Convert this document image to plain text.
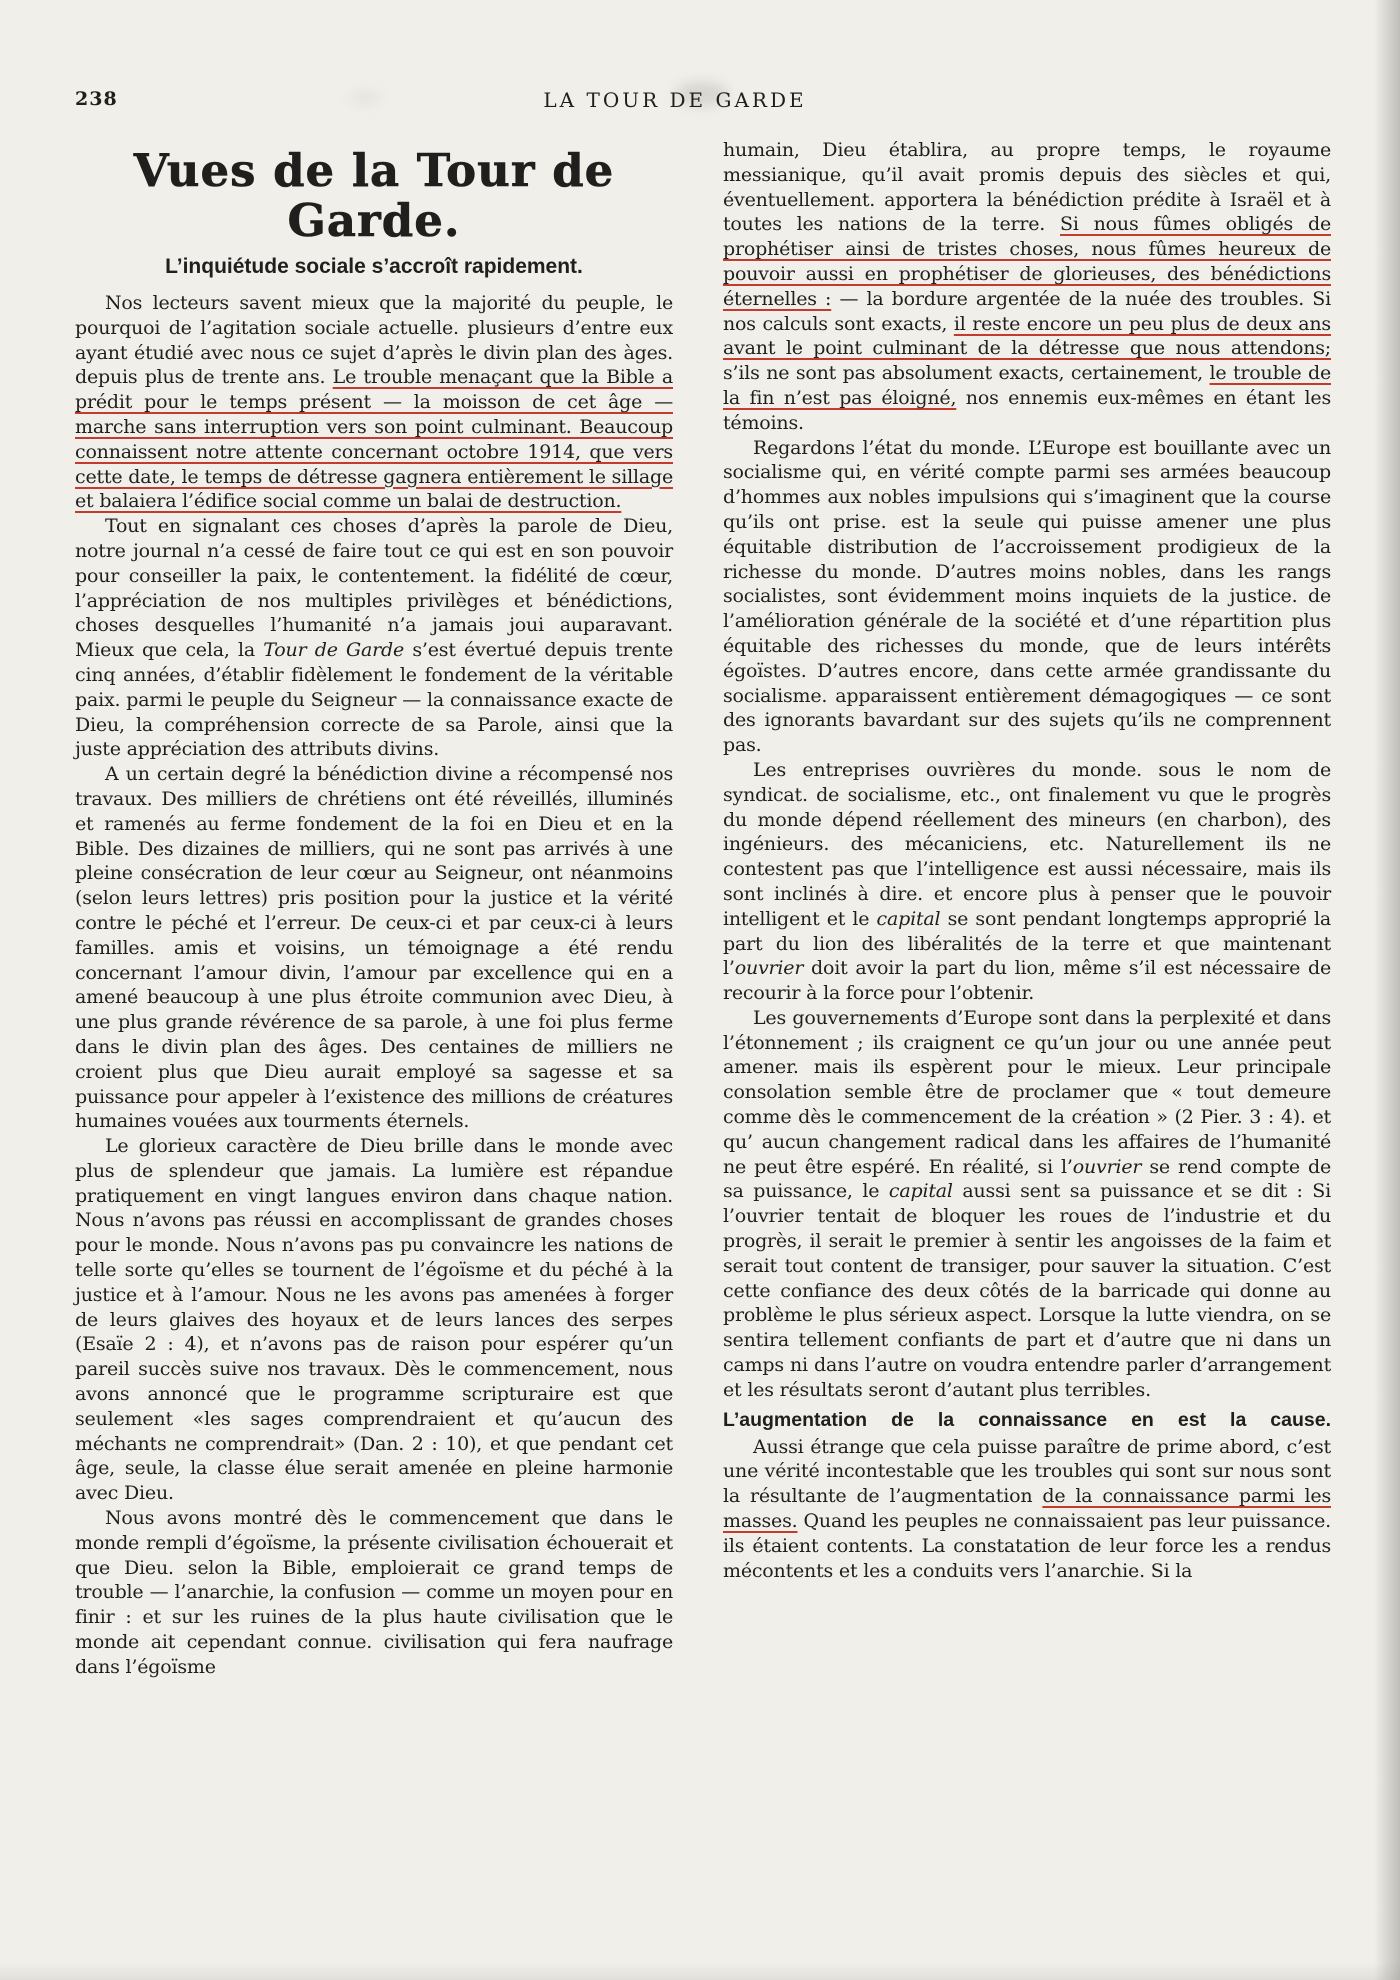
238	LA TOUR DE GARDE
Vues de la Tour de Garde.
L’inquiétude sociale s’accroît rapidement.

Nos lecteurs savent mieux que la majorité du peuple, le pourquoi de l’agitation sociale actuelle. plusieurs d’entre eux ayant étudié avec nous ce sujet d’après le divin plan des àges. depuis plus de trente ans. Le trouble menaçant que la Bible a prédit pour le temps présent — la moisson de cet âge — marche sans interruption vers son point culminant. Beaucoup connaissent notre attente concernant octobre 1914, que vers cette date, le temps de détresse gagnera entièrement le sillage et balaiera l’édifice social comme un balai de destruction.

Tout en signalant ces choses d’après la parole de Dieu, notre journal n’a cessé de faire tout ce qui est en son pouvoir pour conseiller la paix, le contentement. la fidélité de cœur, l’appréciation de nos multiples privilèges et bénédictions, choses desquelles l’humanité n’a jamais joui auparavant. Mieux que cela, la Tour de Garde s’est évertué depuis trente cinq années, d’établir fidèlement le fondement de la véritable paix. parmi le peuple du Seigneur — la connaissance exacte de Dieu, la compréhension correcte de sa Parole, ainsi que la juste appréciation des attributs divins.

A un certain degré la bénédiction divine a récompensé nos travaux. Des milliers de chrétiens ont été réveillés, illuminés et ramenés au ferme fondement de la foi en Dieu et en la Bible. Des dizaines de milliers, qui ne sont pas arrivés à une pleine consécration de leur cœur au Seigneur, ont néanmoins (selon leurs lettres) pris position pour la justice et la vérité contre le péché et l’erreur. De ceux-ci et par ceux-ci à leurs familles. amis et voisins, un témoignage a été rendu concernant l’amour divin, l’amour par excellence qui en a amené beaucoup à une plus étroite communion avec Dieu, à une plus grande révérence de sa parole, à une foi plus ferme dans le divin plan des âges. Des centaines de milliers ne croient plus que Dieu aurait employé sa sagesse et sa puissance pour appeler à l’existence des millions de créatures humaines vouées aux tourments éternels.

Le glorieux caractère de Dieu brille dans le monde avec plus de splendeur que jamais. La lumière est répandue pratiquement en vingt langues environ dans chaque nation. Nous n’avons pas réussi en accomplissant de grandes choses pour le monde. Nous n’avons pas pu convaincre les nations de telle sorte qu’elles se tournent de l’égoïsme et du péché à la justice et à l’amour. Nous ne les avons pas amenées à forger de leurs glaives des hoyaux et de leurs lances des serpes (Esaïe 2 : 4), et n’avons pas de raison pour espérer qu’un pareil succès suive nos travaux. Dès le commencement, nous avons annoncé que le programme scripturaire est que seulement «les sages comprendraient et qu’aucun des méchants ne comprendrait» (Dan. 2 : 10), et que pendant cet âge, seule, la classe élue serait amenée en pleine harmonie avec Dieu.

Nous avons montré dès le commencement que dans le monde rempli d’égoïsme, la présente civilisation échouerait et que Dieu. selon la Bible, emploierait ce grand temps de trouble — l’anarchie, la confusion — comme un moyen pour en finir : et sur les ruines de la plus haute civilisation que le monde ait cependant connue. civilisation qui fera naufrage dans l’égoïsme

humain, Dieu établira, au propre temps, le royaume messianique, qu’il avait promis depuis des siècles et qui, éventuellement. apportera la bénédiction prédite à Israël et à toutes les nations de la terre. Si nous fûmes obligés de prophétiser ainsi de tristes choses, nous fûmes heureux de pouvoir aussi en prophétiser de glorieuses, des bénédictions éternelles : — la bordure argentée de la nuée des troubles. Si nos calculs sont exacts, il reste encore un peu plus de deux ans avant le point culminant de la détresse que nous attendons; s’ils ne sont pas absolument exacts, certainement, le trouble de la fin n’est pas éloigné, nos ennemis eux-mêmes en étant les témoins.

Regardons l’état du monde. L’Europe est bouillante avec un socialisme qui, en vérité compte parmi ses armées beaucoup d’hommes aux nobles impulsions qui s’imaginent que la course qu’ils ont prise. est la seule qui puisse amener une plus équitable distribution de l’accroissement prodigieux de la richesse du monde. D’autres moins nobles, dans les rangs socialistes, sont évidemment moins inquiets de la justice. de l’amélioration générale de la société et d’une répartition plus équitable des richesses du monde, que de leurs intérêts égoïstes. D’autres encore, dans cette armée grandissante du socialisme. apparaissent entièrement démagogiques — ce sont des ignorants bavardant sur des sujets qu’ils ne comprennent pas.

Les entreprises ouvrières du monde. sous le nom de syndicat. de socialisme, etc., ont finalement vu que le progrès du monde dépend réellement des mineurs (en charbon), des ingénieurs. des mécaniciens, etc. Naturellement ils ne contestent pas que l’intelligence est aussi nécessaire, mais ils sont inclinés à dire. et encore plus à penser que le pouvoir intelligent et le capital se sont pendant longtemps approprié la part du lion des libéralités de la terre et que maintenant l’ouvrier doit avoir la part du lion, même s’il est nécessaire de recourir à la force pour l’obtenir.

Les gouvernements d’Europe sont dans la perplexité et dans l’étonnement ; ils craignent ce qu’un jour ou une année peut amener. mais ils espèrent pour le mieux. Leur principale consolation semble être de proclamer que « tout demeure comme dès le commencement de la création » (2 Pier. 3 : 4). et qu’ aucun changement radical dans les affaires de l’humanité ne peut être espéré. En réalité, si l’ouvrier se rend compte de sa puissance, le capital aussi sent sa puissance et se dit : Si l’ouvrier tentait de bloquer les roues de l’industrie et du progrès, il serait le premier à sentir les angoisses de la faim et serait tout content de transiger, pour sauver la situation. C’est cette confiance des deux côtés de la barricade qui donne au problème le plus sérieux aspect. Lorsque la lutte viendra, on se sentira tellement confiants de part et d’autre que ni dans un camps ni dans l’autre on voudra entendre parler d’arrangement et les résultats seront d’autant plus terribles.

L’augmentation de la connaissance en est la cause.

Aussi étrange que cela puisse paraître de prime abord, c’est une vérité incontestable que les troubles qui sont sur nous sont la résultante de l’augmentation de la connaissance parmi les masses. Quand les peuples ne connaissaient pas leur puissance. ils étaient contents. La constatation de leur force les a rendus mécontents et les a conduits vers l’anarchie. Si la
